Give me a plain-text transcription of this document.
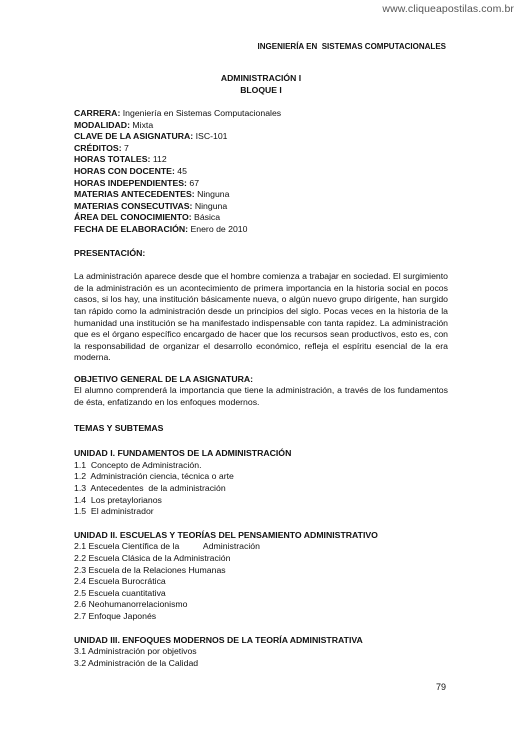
www.cliqueapostilas.com.br
INGENIERÍA EN  SISTEMAS COMPUTACIONALES
ADMINISTRACIÓN I
BLOQUE I
CARRERA: Ingeniería en Sistemas Computacionales
MODALIDAD: Mixta
CLAVE DE LA ASIGNATURA: ISC-101
CRÉDITOS: 7
HORAS TOTALES: 112
HORAS CON DOCENTE: 45
HORAS INDEPENDIENTES: 67
MATERIAS ANTECEDENTES: Ninguna
MATERIAS CONSECUTIVAS: Ninguna
ÁREA DEL CONOCIMIENTO: Básica
FECHA DE ELABORACIÓN: Enero de 2010
PRESENTACIÓN:
La administración aparece desde que el hombre comienza a trabajar en sociedad. El surgimiento de la administración es un acontecimiento de primera importancia en la historia social en pocos casos, si los hay, una institución básicamente nueva, o algún nuevo grupo dirigente, han surgido tan rápido como la administración desde un principios del siglo. Pocas veces en la historia de la humanidad una institución se ha manifestado indispensable con tanta rapidez. La administración que es el órgano específico encargado de hacer que los recursos sean productivos, esto es, con la responsabilidad de organizar el desarrollo económico, refleja el espíritu esencial de la era moderna.
OBJETIVO GENERAL DE LA ASIGNATURA:
El alumno comprenderá la importancia que tiene la administración, a través de los fundamentos de ésta, enfatizando en los enfoques modernos.
TEMAS Y SUBTEMAS
UNIDAD I. FUNDAMENTOS DE LA ADMINISTRACIÓN
1.1  Concepto de Administración.
1.2  Administración ciencia, técnica o arte
1.3  Antecedentes  de la administración
1.4  Los pretaylorianos
1.5  El administrador
UNIDAD II. ESCUELAS Y TEORÍAS DEL PENSAMIENTO ADMINISTRATIVO
2.1 Escuela Científica de la          Administración
2.2 Escuela Clásica de la Administración
2.3 Escuela de la Relaciones Humanas
2.4 Escuela Burocrática
2.5 Escuela cuantitativa
2.6 Neohumanorrelacionismo
2.7 Enfoque Japonés
UNIDAD III. ENFOQUES MODERNOS DE LA TEORÍA ADMINISTRATIVA
3.1 Administración por objetivos
3.2 Administración de la Calidad
79
